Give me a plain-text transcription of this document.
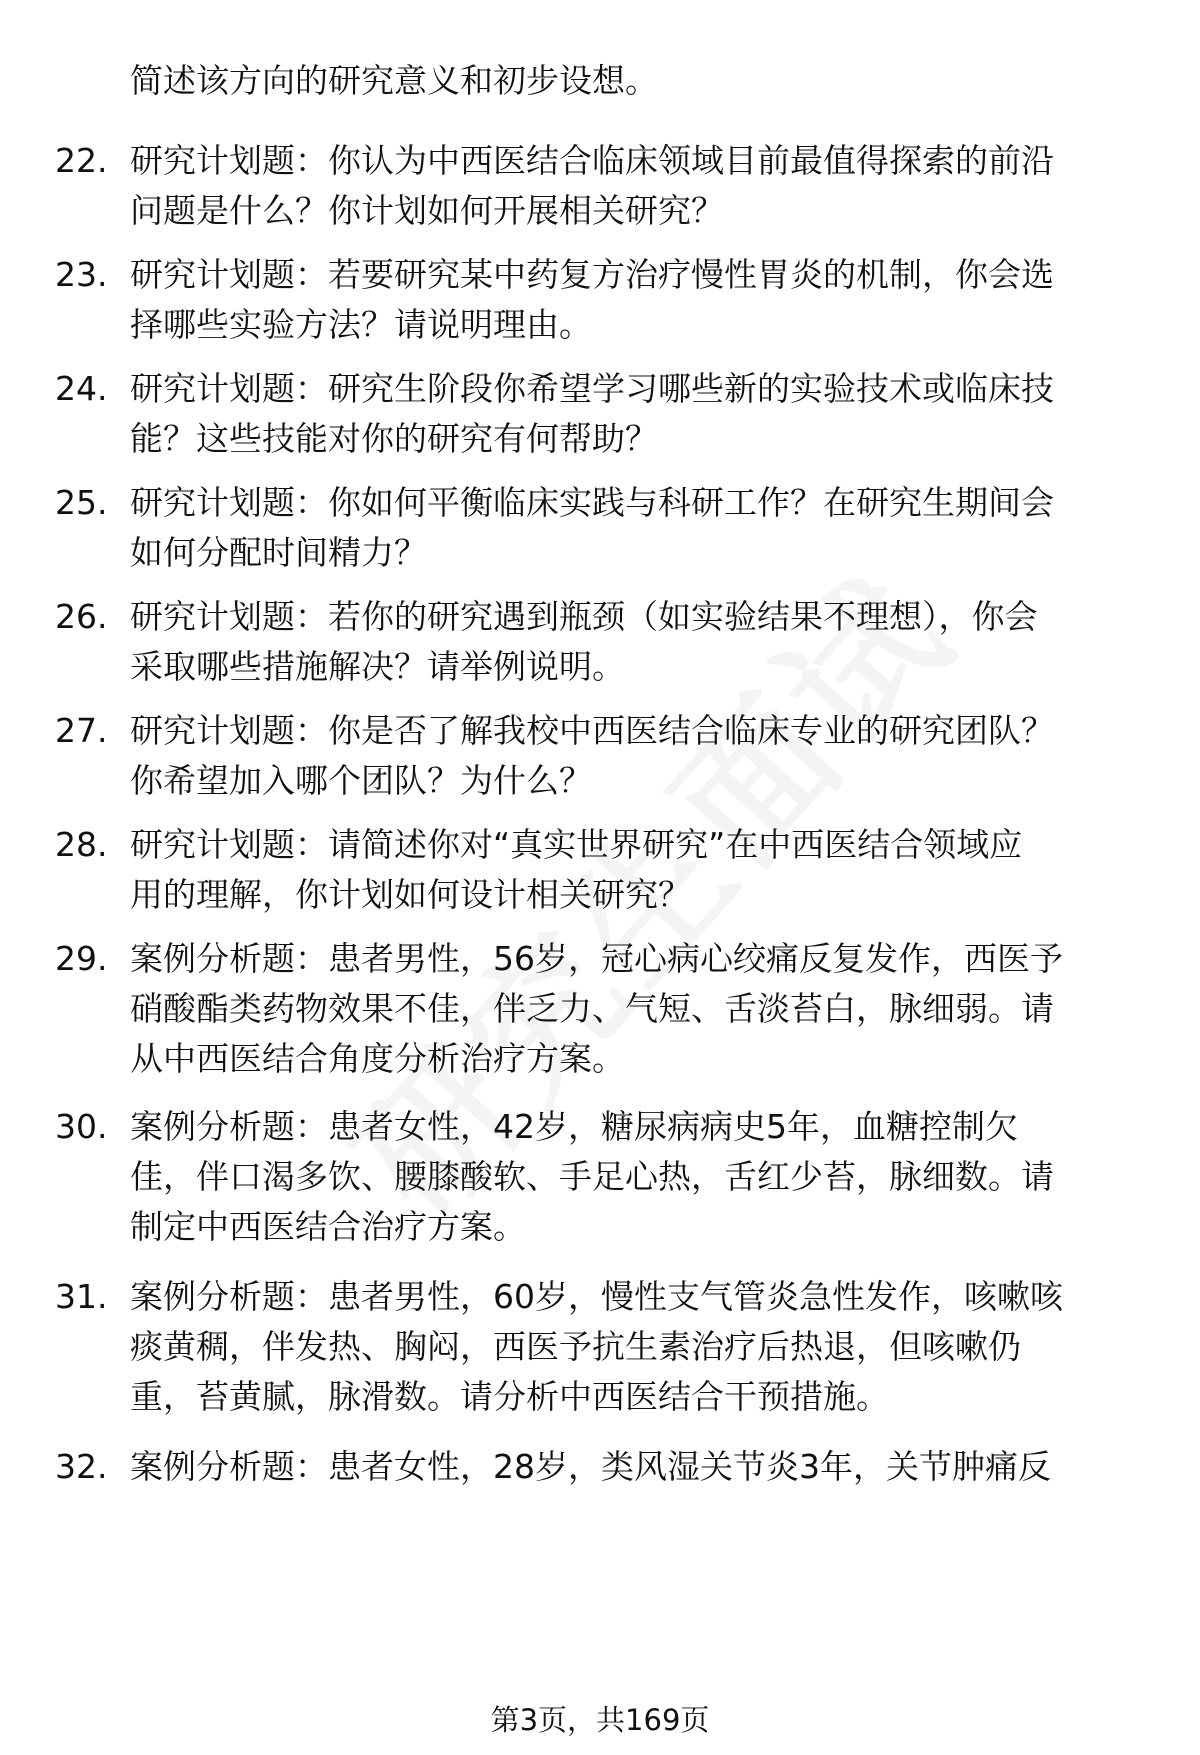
简述该方向的研究意义和初步设想。
22. 研究计划题：你认为中西医结合临床领域目前最值得探索的前沿
问题是什么？你计划如何开展相关研究？
23. 研究计划题：若要研究某中药复方治疗慢性胃炎的机制，你会选
择哪些实验方法？请说明理由。
24. 研究计划题：研究生阶段你希望学习哪些新的实验技术或临床技
能？这些技能对你的研究有何帮助？
25. 研究计划题：你如何平衡临床实践与科研工作？在研究生期间会
如何分配时间精力？
26. 研究计划题：若你的研究遇到瓶颈（如实验结果不理想），你会
采取哪些措施解决？请举例说明。
27. 研究计划题：你是否了解我校中西医结合临床专业的研究团队？
你希望加入哪个团队？为什么？
28. 研究计划题：请简述你对“真实世界研究”在中西医结合领域应
用的理解，你计划如何设计相关研究？
29. 案例分析题：患者男性，56岁，冠心病心绞痛反复发作，西医予
硝酸酯类药物效果不佳，伴乏力、气短、舌淡苔白，脉细弱。请
从中西医结合角度分析治疗方案。
30. 案例分析题：患者女性，42岁，糖尿病病史5年，血糖控制欠
佳，伴口渴多饮、腰膝酸软、手足心热，舌红少苔，脉细数。请
制定中西医结合治疗方案。
31. 案例分析题：患者男性，60岁，慢性支气管炎急性发作，咳嗽咳
痰黄稠，伴发热、胸闷，西医予抗生素治疗后热退，但咳嗽仍
重，苔黄腻，脉滑数。请分析中西医结合干预措施。
32. 案例分析题：患者女性，28岁，类风湿关节炎3年，关节肿痛反
第3页，共169页
